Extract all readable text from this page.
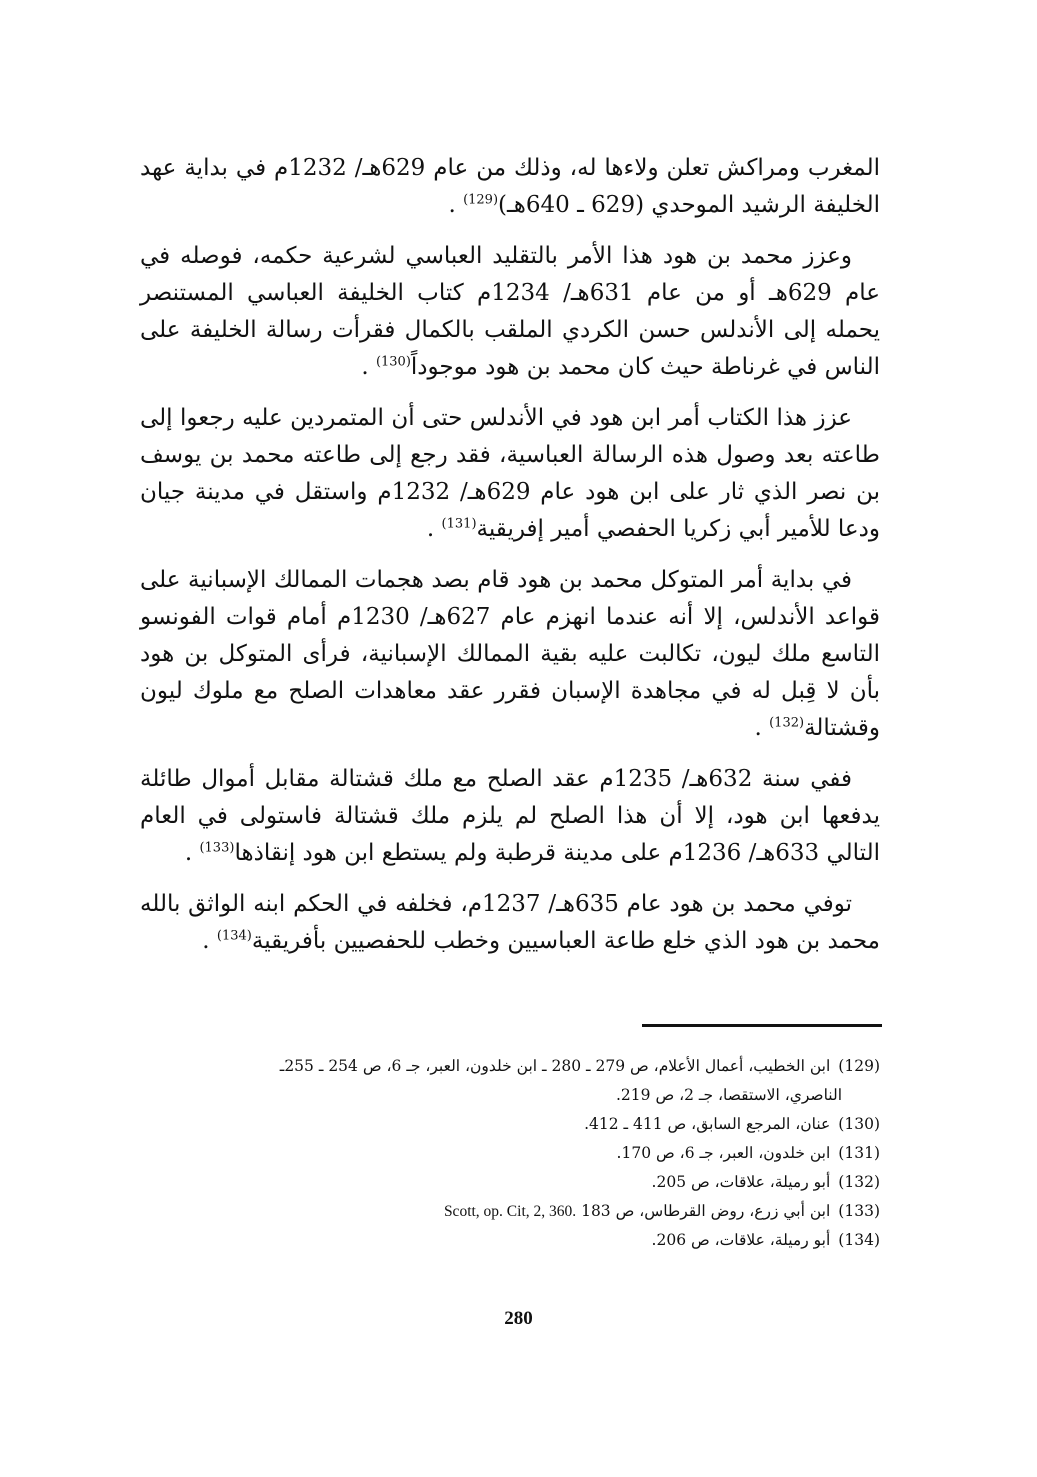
المغرب ومراكش تعلن ولاءها له، وذلك من عام 629هـ/ 1232م في بداية عهد الخليفة الرشيد الموحدي (629 ـ 640هـ)$^{(129)}$ .

وعزز محمد بن هود هذا الأمر بالتقليد العباسي لشرعية حكمه، فوصله في عام 629هـ أو من عام 631هـ/ 1234م كتاب الخليفة العباسي المستنصر يحمله إلى الأندلس حسن الكردي الملقب بالكمال فقرأت رسالة الخليفة على الناس في غرناطة حيث كان محمد بن هود موجوداً$^{(130)}$ .

عزز هذا الكتاب أمر ابن هود في الأندلس حتى أن المتمردين عليه رجعوا إلى طاعته بعد وصول هذه الرسالة العباسية، فقد رجع إلى طاعته محمد بن يوسف بن نصر الذي ثار على ابن هود عام 629هـ/ 1232م واستقل في مدينة جيان ودعا للأمير أبي زكريا الحفصي أمير إفريقية$^{(131)}$ .

في بداية أمر المتوكل محمد بن هود قام بصد هجمات الممالك الإسبانية على قواعد الأندلس، إلا أنه عندما انهزم عام 627هـ/ 1230م أمام قوات الفونسو التاسع ملك ليون، تكالبت عليه بقية الممالك الإسبانية، فرأى المتوكل بن هود بأن لا قِبل له في مجاهدة الإسبان فقرر عقد معاهدات الصلح مع ملوك ليون وقشتالة$^{(132)}$ .

ففي سنة 632هـ/ 1235م عقد الصلح مع ملك قشتالة مقابل أموال طائلة يدفعها ابن هود، إلا أن هذا الصلح لم يلزم ملك قشتالة فاستولى في العام التالي 633هـ/ 1236م على مدينة قرطبة ولم يستطع ابن هود إنقاذها$^{(133)}$ .

توفي محمد بن هود عام 635هـ/ 1237م، فخلفه في الحكم ابنه الواثق بالله محمد بن هود الذي خلع طاعة العباسيين وخطب للحفصيين بأفريقية$^{(134)}$ .

(129)ابن الخطيب، أعمال الأعلام، ص 279 ـ 280 ـ ابن خلدون، العبر، جـ 6، ص 254 ـ 255ـ
الناصري، الاستقصا، جـ 2، ص 219.

(130)عنان، المرجع السابق، ص 411 ـ 412.

(131)ابن خلدون، العبر، جـ 6، ص 170.

(132)أبو رميلة، علاقات، ص 205.

(133)ابن أبي زرع، روض القرطاس، ص 183 Scott, op. Cit, 2, 360.

(134)أبو رميلة، علاقات، ص 206.

280
